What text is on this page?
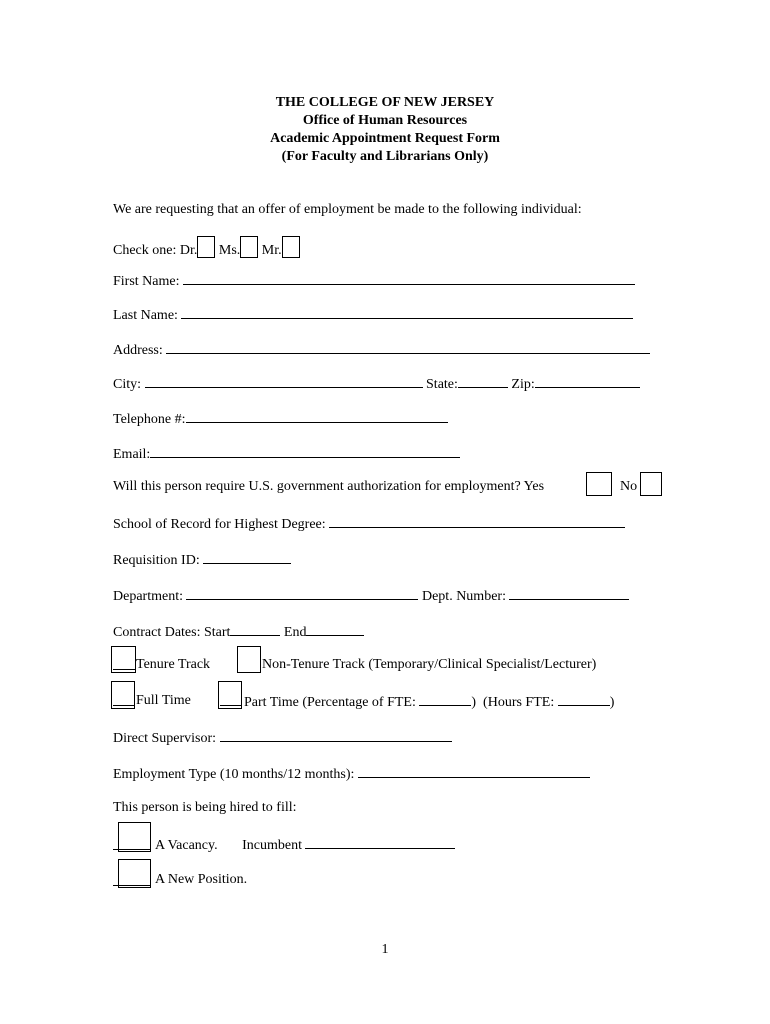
THE COLLEGE OF NEW JERSEY
Office of Human Resources
Academic Appointment Request Form
(For Faculty and Librarians Only)
We are requesting that an offer of employment be made to the following individual:
Check one: Dr. Ms. Mr.
First Name:
Last Name:
Address:
City:	State:	Zip:
Telephone #:
Email:
Will this person require U.S. government authorization for employment? Yes	No
School of Record for Highest Degree:
Requisition ID:
Department:	Dept. Number:
Contract Dates: Start	End
Tenure Track	Non-Tenure Track (Temporary/Clinical Specialist/Lecturer)
Full Time	Part Time (Percentage of FTE:	)  (Hours FTE:	)
Direct Supervisor:
Employment Type (10 months/12 months):
This person is being hired to fill:
A Vacancy. Incumbent
A New Position.
1
